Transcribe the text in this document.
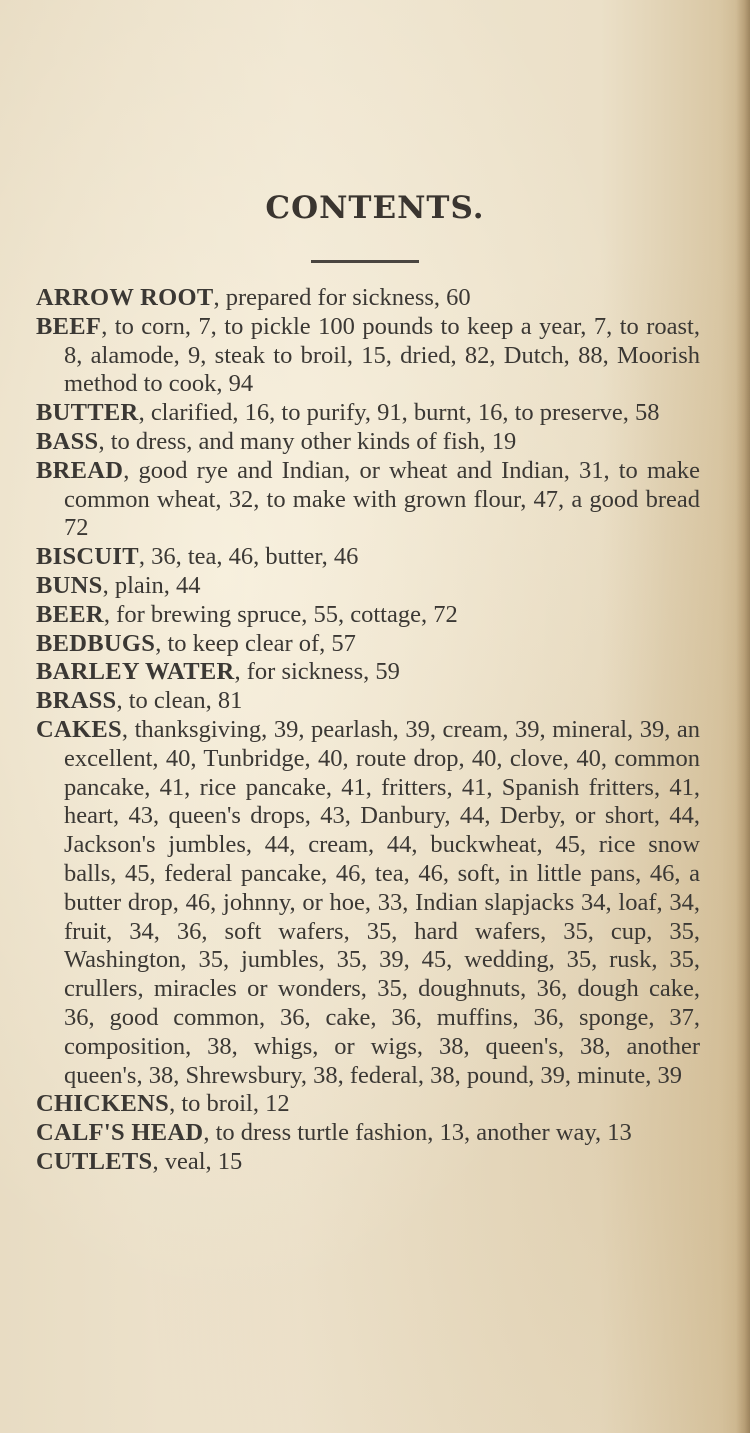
CONTENTS.
ARROW ROOT, prepared for sickness, 60
BEEF, to corn, 7, to pickle 100 pounds to keep a year, 7, to roast, 8, alamode, 9, steak to broil, 15, dried, 82, Dutch, 88, Moorish method to cook, 94
BUTTER, clarified, 16, to purify, 91, burnt, 16, to preserve, 58
BASS, to dress, and many other kinds of fish, 19
BREAD, good rye and Indian, or wheat and Indian, 31, to make common wheat, 32, to make with grown flour, 47, a good bread 72
BISCUIT, 36, tea, 46, butter, 46
BUNS, plain, 44
BEER, for brewing spruce, 55, cottage, 72
BEDBUGS, to keep clear of, 57
BARLEY WATER, for sickness, 59
BRASS, to clean, 81
CAKES, thanksgiving, 39, pearlash, 39, cream, 39, mineral, 39, an excellent, 40, Tunbridge, 40, route drop, 40, clove, 40, common pancake, 41, rice pancake, 41, fritters, 41, Spanish fritters, 41, heart, 43, queen's drops, 43, Danbury, 44, Derby, or short, 44, Jackson's jumbles, 44, cream, 44, buckwheat, 45, rice snow balls, 45, federal pancake, 46, tea, 46, soft, in little pans, 46, a butter drop, 46, johnny, or hoe, 33, Indian slapjacks 34, loaf, 34, fruit, 34, 36, soft wafers, 35, hard wafers, 35, cup, 35, Washington, 35, jumbles, 35, 39, 45, wedding, 35, rusk, 35, crullers, miracles or wonders, 35, doughnuts, 36, dough cake, 36, good common, 36, cake, 36, muffins, 36, sponge, 37, composition, 38, whigs, or wigs, 38, queen's, 38, another queen's, 38, Shrewsbury, 38, federal, 38, pound, 39, minute, 39
CHICKENS, to broil, 12
CALF'S HEAD, to dress turtle fashion, 13, another way, 13
CUTLETS, veal, 15
